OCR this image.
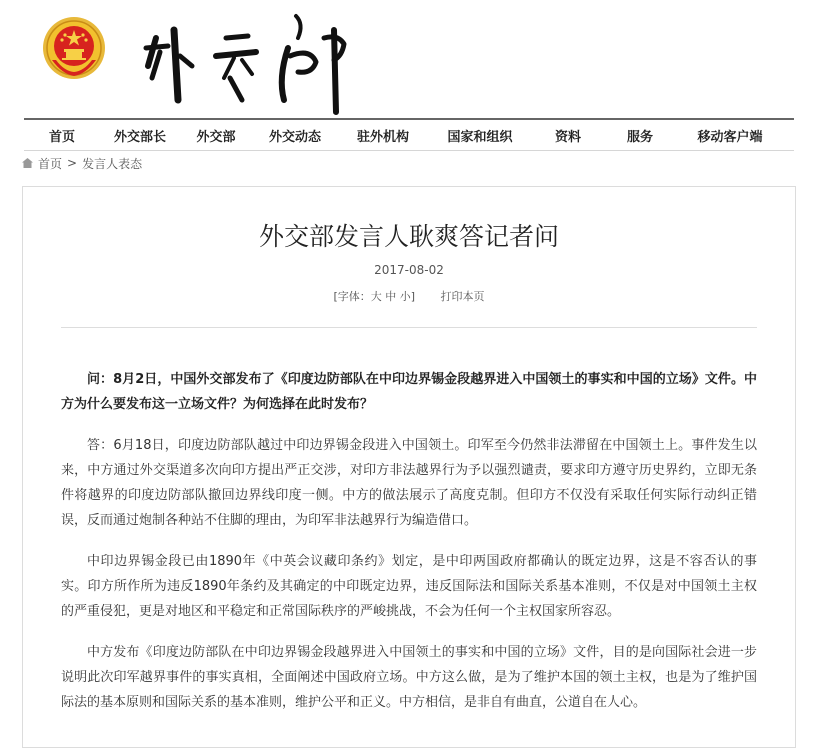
首页	外交部长	外交部	外交动态	驻外机构	国家和组织	资料	服务	移动客户端
首页 > 发言人表态
外交部发言人耿爽答记者问
2017-08-02
[字体：大 中 小] 打印本页

问：8月2日，中国外交部发布了《印度边防部队在中印边界锡金段越界进入中国领土的事实和中国的立场》文件。中方为什么要发布这一立场文件？为何选择在此时发布？

答：6月18日，印度边防部队越过中印边界锡金段进入中国领土。印军至今仍然非法滞留在中国领土上。事件发生以来，中方通过外交渠道多次向印方提出严正交涉，对印方非法越界行为予以强烈谴责，要求印方遵守历史界约，立即无条件将越界的印度边防部队撤回边界线印度一侧。中方的做法展示了高度克制。但印方不仅没有采取任何实际行动纠正错误，反而通过炮制各种站不住脚的理由，为印军非法越界行为编造借口。

中印边界锡金段已由1890年《中英会议藏印条约》划定，是中印两国政府都确认的既定边界，这是不容否认的事实。印方所作所为违反1890年条约及其确定的中印既定边界，违反国际法和国际关系基本准则，不仅是对中国领土主权的严重侵犯，更是对地区和平稳定和正常国际秩序的严峻挑战，不会为任何一个主权国家所容忍。

中方发布《印度边防部队在中印边界锡金段越界进入中国领土的事实和中国的立场》文件，目的是向国际社会进一步说明此次印军越界事件的事实真相，全面阐述中国政府立场。中方这么做，是为了维护本国的领土主权，也是为了维护国际法的基本原则和国际关系的基本准则，维护公平和正义。中方相信，是非自有曲直，公道自在人心。
